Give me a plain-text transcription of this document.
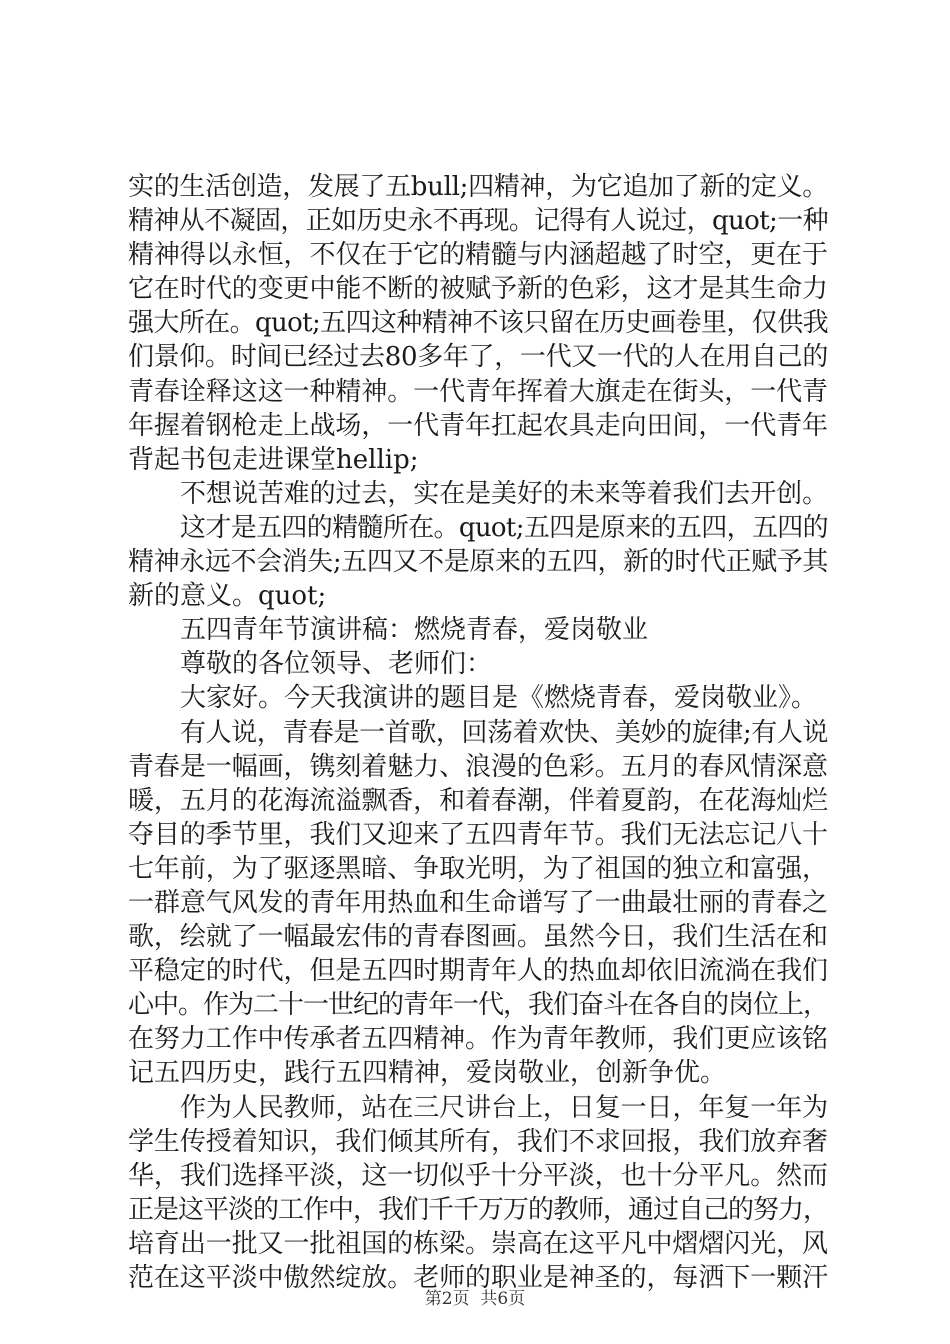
实的生活创造，发展了五bull;四精神，为它追加了新的定义。
精神从不凝固，正如历史永不再现。记得有人说过，quot;一种
精神得以永恒，不仅在于它的精髓与内涵超越了时空，更在于
它在时代的变更中能不断的被赋予新的色彩，这才是其生命力
强大所在。quot;五四这种精神不该只留在历史画卷里，仅供我
们景仰。时间已经过去80多年了，一代又一代的人在用自己的
青春诠释这这一种精神。一代青年挥着大旗走在街头，一代青
年握着钢枪走上战场，一代青年扛起农具走向田间，一代青年
背起书包走进课堂hellip;
不想说苦难的过去，实在是美好的未来等着我们去开创。
这才是五四的精髓所在。quot;五四是原来的五四，五四的
精神永远不会消失;五四又不是原来的五四，新的时代正赋予其
新的意义。quot;
五四青年节演讲稿：燃烧青春，爱岗敬业
尊敬的各位领导、老师们：
大家好。今天我演讲的题目是《燃烧青春，爱岗敬业》。
有人说，青春是一首歌，回荡着欢快、美妙的旋律;有人说
青春是一幅画，镌刻着魅力、浪漫的色彩。五月的春风情深意
暖，五月的花海流溢飘香，和着春潮，伴着夏韵，在花海灿烂
夺目的季节里，我们又迎来了五四青年节。我们无法忘记八十
七年前，为了驱逐黑暗、争取光明，为了祖国的独立和富强，
一群意气风发的青年用热血和生命谱写了一曲最壮丽的青春之
歌，绘就了一幅最宏伟的青春图画。虽然今日，我们生活在和
平稳定的时代，但是五四时期青年人的热血却依旧流淌在我们
心中。作为二十一世纪的青年一代，我们奋斗在各自的岗位上，
在努力工作中传承者五四精神。作为青年教师，我们更应该铭
记五四历史，践行五四精神，爱岗敬业，创新争优。
作为人民教师，站在三尺讲台上，日复一日，年复一年为
学生传授着知识，我们倾其所有，我们不求回报，我们放弃奢
华，我们选择平淡，这一切似乎十分平淡，也十分平凡。然而
正是这平淡的工作中，我们千千万万的教师，通过自己的努力，
培育出一批又一批祖国的栋梁。崇高在这平凡中熠熠闪光，风
范在这平淡中傲然绽放。老师的职业是神圣的，每洒下一颗汗
第2页  共6页
